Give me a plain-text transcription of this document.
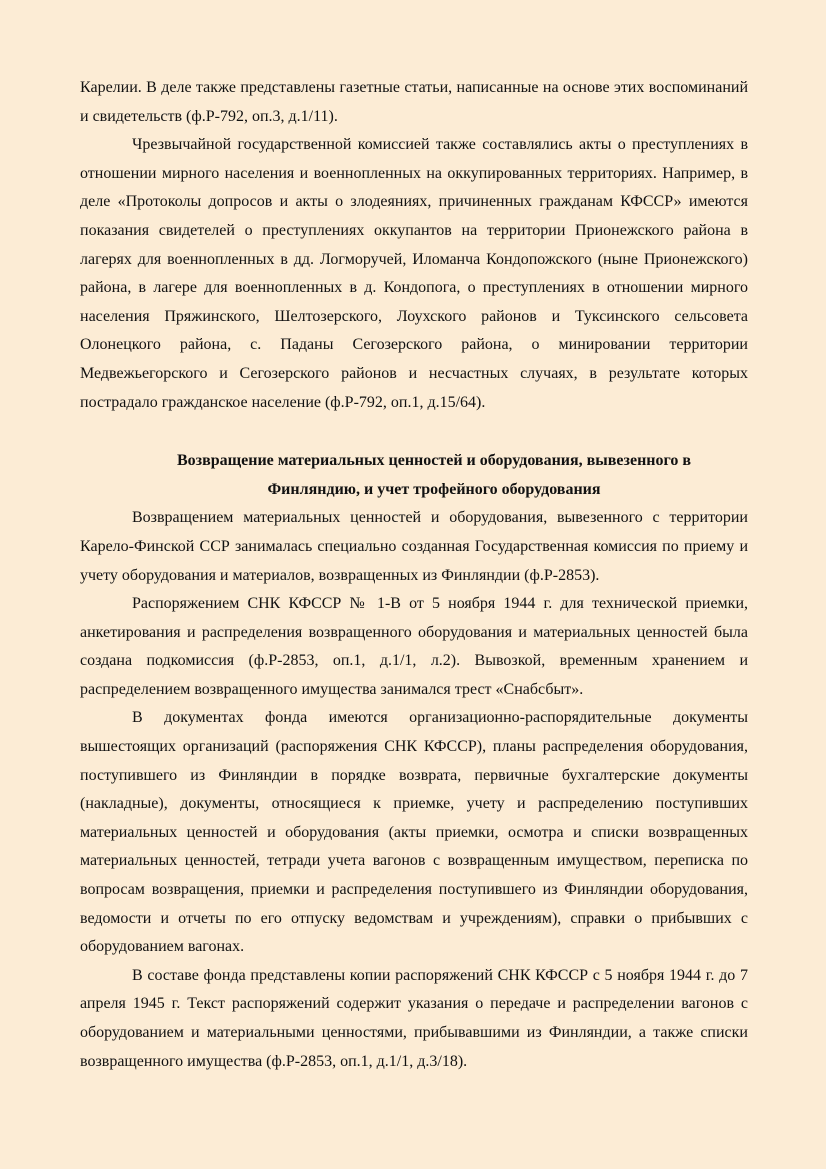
Карелии. В деле также представлены газетные статьи, написанные на основе этих воспоминаний и свидетельств (ф.Р-792, оп.3, д.1/11).

Чрезвычайной государственной комиссией также составлялись акты о преступлениях в отношении мирного населения и военнопленных на оккупированных территориях. Например, в деле «Протоколы допросов и акты о злодеяниях, причиненных гражданам КФССР» имеются показания свидетелей о преступлениях оккупантов на территории Прионежского района в лагерях для военнопленных в дд. Логморучей, Иломанча Кондопожского (ныне Прионежского) района, в лагере для военнопленных в д. Кондопога, о преступлениях в отношении мирного населения Пряжинского, Шелтозерского, Лоухского районов и Туксинского сельсовета Олонецкого района, с. Паданы Сегозерского района, о минировании территории Медвежьегорского и Сегозерского районов и несчастных случаях, в результате которых пострадало гражданское население (ф.Р-792, оп.1, д.15/64).

Возвращение материальных ценностей и оборудования, вывезенного в
Финляндию, и учет трофейного оборудования

Возвращением материальных ценностей и оборудования, вывезенного с территории Карело-Финской ССР занималась специально созданная Государственная комиссия по приему и учету оборудования и материалов, возвращенных из Финляндии (ф.Р-2853).

Распоряжением СНК КФССР № 1-В от 5 ноября 1944 г. для технической приемки, анкетирования и распределения возвращенного оборудования и материальных ценностей была создана подкомиссия (ф.Р-2853, оп.1, д.1/1, л.2). Вывозкой, временным хранением и распределением возвращенного имущества занимался трест «Снабсбыт».

В документах фонда имеются организационно-распорядительные документы вышестоящих организаций (распоряжения СНК КФССР), планы распределения оборудования, поступившего из Финляндии в порядке возврата, первичные бухгалтерские документы (накладные), документы, относящиеся к приемке, учету и распределению поступивших материальных ценностей и оборудования (акты приемки, осмотра и списки возвращенных материальных ценностей, тетради учета вагонов с возвращенным имуществом, переписка по вопросам возвращения, приемки и распределения поступившего из Финляндии оборудования, ведомости и отчеты по его отпуску ведомствам и учреждениям), справки о прибывших с оборудованием вагонах.

В составе фонда представлены копии распоряжений СНК КФССР с 5 ноября 1944 г. до 7 апреля 1945 г. Текст распоряжений содержит указания о передаче и распределении вагонов с оборудованием и материальными ценностями, прибывавшими из Финляндии, а также списки возвращенного имущества (ф.Р-2853, оп.1, д.1/1, д.3/18).
